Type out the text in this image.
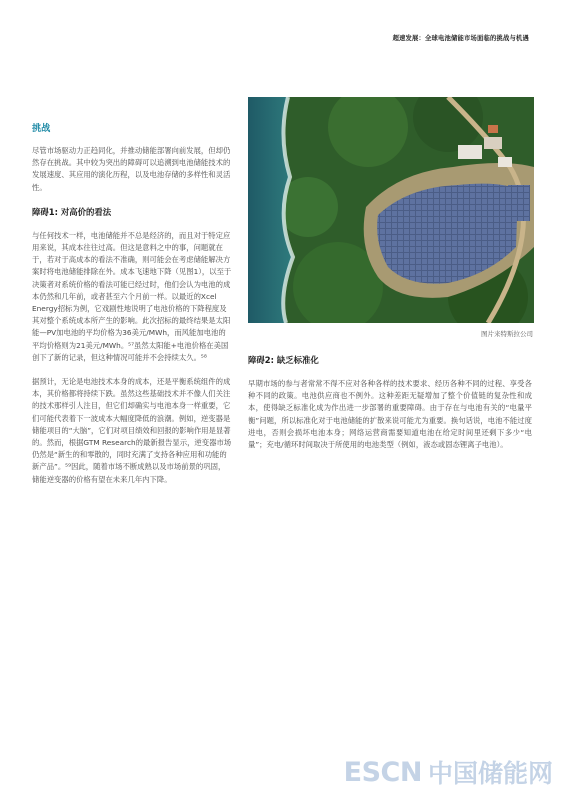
超速发展：全球电池储能市场面临的挑战与机遇
挑战

尽管市场驱动力正趋同化，并推动储能部署向前发展，但却仍然存在挑战。其中较为突出的障碍可以追溯到电池储能技术的发展速度、其应用的演化历程，以及电池存储的多样性和灵活性。

障碍1: 对高价的看法

与任何技术一样，电池储能并不总是经济的，而且对于特定应用来说，其成本往往过高。但这是意料之中的事，问题就在于，若对于高成本的看法不准确，则可能会在考虑储能解决方案时将电池储能排除在外。成本飞速地下降（见图1），以至于决策者对系统价格的看法可能已经过时，他们会认为电池的成本仍然和几年前，或者甚至六个月前一样。以最近的Xcel Energy招标为例，它戏剧性地说明了电池价格的下降程度及其对整个系统成本所产生的影响。此次招标的最终结果是太阳能—PV加电池的平均价格为36美元/MWh，而风能加电池的平均价格则为21美元/MWh。⁵⁷虽然太阳能+电池价格在美国创下了新的记录，但这种情况可能并不会持续太久。⁵⁸

据预计，无论是电池技术本身的成本，还是平衡系统组件的成本，其价格都将持续下跌。虽然这些基础技术并不像人们关注的技术那样引人注目，但它们却确实与电池本身一样重要，它们可能代表着下一波成本大幅度降低的浪潮。例如，逆变器是储能项目的“大脑”，它们对项目绩效和回报的影响作用是显著的。然而，根据GTM Research的最新报告显示，逆变器市场仍然是“新生的和零散的，同时充满了支持各种应用和功能的新产品”。⁵⁹因此，随着市场不断成熟以及市场前景的巩固，储能逆变器的价格有望在未来几年内下降。

图片来特斯拉公司
障碍2: 缺乏标准化

早期市场的参与者常常不得不应对各种各样的技术要求、经历各种不同的过程、享受各种不同的政策。电池供应商也不例外。这种差距无疑增加了整个价值链的复杂性和成本，使得缺乏标准化成为作出进一步部署的重要障碍。由于存在与电池有关的“电量平衡”问题，所以标准化对于电池储能的扩散来说可能尤为重要。换句话说，电池不能过度进电，否则会损坏电池本身；网络运营商需要知道电池在给定时间里还剩下多少“电量”；充电/循环时间取决于所使用的电池类型（例如，液态或固态锂离子电池）。

ESCN 中国储能网
